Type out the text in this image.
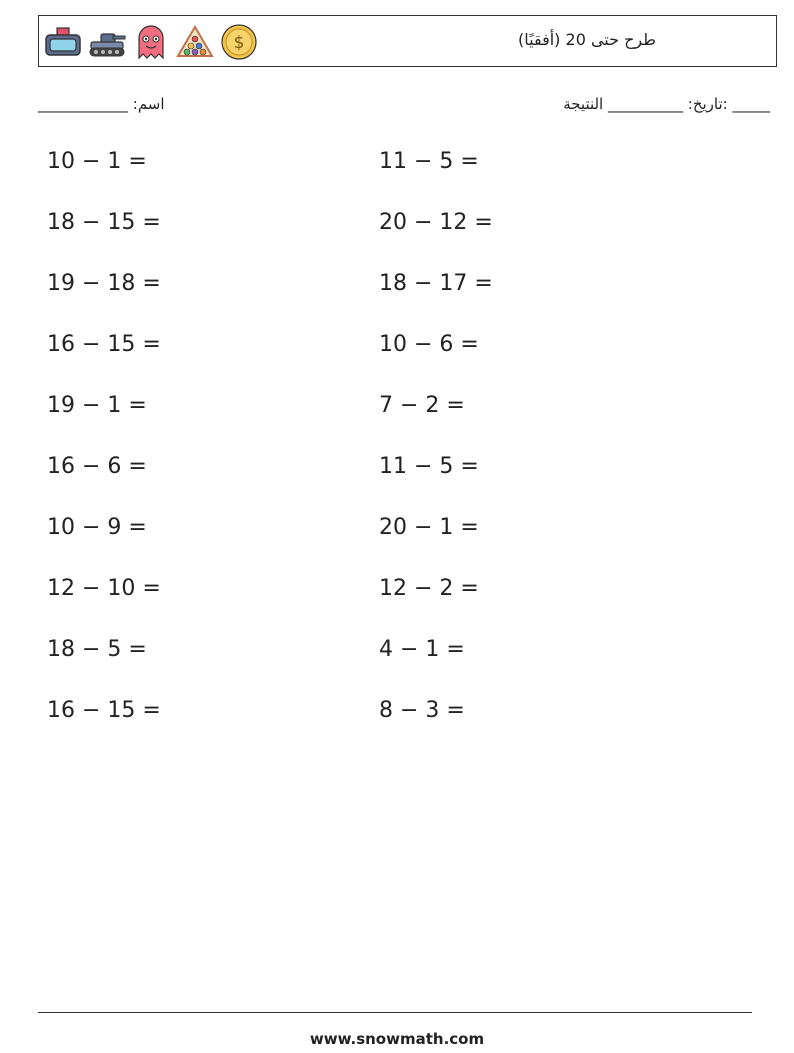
$	طرح حتى 20 (أفقيًا)
_____ :تاريخ: __________ النتيجة
اسم: ____________
10 − 1 =	11 − 5 =
18 − 15 =	20 − 12 =
19 − 18 =	18 − 17 =
16 − 15 =	10 − 6 =
19 − 1 =	7 − 2 =
16 − 6 =	11 − 5 =
10 − 9 =	20 − 1 =
12 − 10 =	12 − 2 =
18 − 5 =	4 − 1 =
16 − 15 =	8 − 3 =
www.snowmath.com
